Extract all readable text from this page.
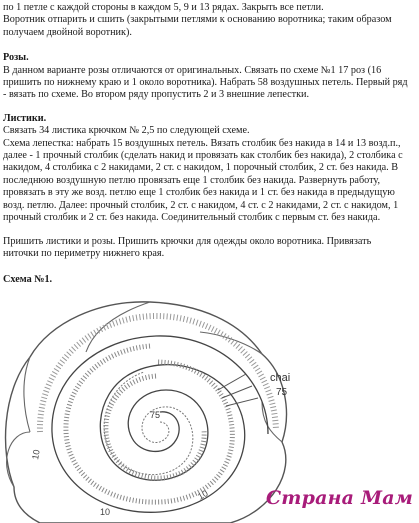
по 1 петле с каждой стороны в каждом 5, 9 и 13 рядах. Закрыть все петли.

Воротник отпарить и сшить (закрытыми петлями к основанию воротника; таким образом

получаем двойной воротник).

Розы.

В данном варианте розы отличаются от оригинальных. Связать по схеме №1 17 роз (16

пришить по нижнему краю и 1 около воротника). Набрать 58 воздушных петель. Первый ряд

- вязать по схеме. Во втором ряду пропустить 2 и 3 внешние лепестки.

Листики.

Связать 34 листика крючком № 2,5 по следующей схеме.

Схема лепестка: набрать 15 воздушных петель. Вязать столбик без накида в 14 и 13 возд.п.,

далее - 1 прочный столбик (сделать накид и провязать как столбик без накида), 2 столбика с

накидом, 4 столбика с 2 накидами, 2 ст. с накидом, 1 порочный столбик, 2 ст. без накида. В

последнюю воздушную петлю провязать еще 1 столбик без накида. Развернуть работу,

провязать в эту же возд. петлю еще 1 столбик без накида и 1 ст. без накида в предыдущую

возд. петлю. Далее: прочный столбик, 2 ст. с накидом, 4 ст. с 2 накидами, 2 ст. с накидом, 1

прочный столбик и 2 ст. без накида. Соединительный столбик с первым ст. без накида.

Пришить листики и розы. Пришить крючки для одежды около воротника. Привязать

ниточки по периметру нижнего края.

Схема №1.

chai
75
75
10
10
10
Страна Мам
